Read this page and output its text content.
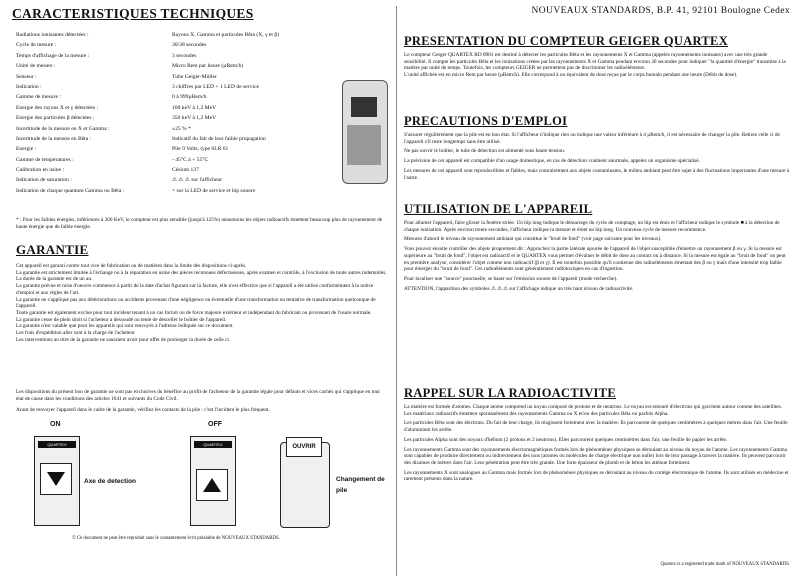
CARACTERISTIQUES TECHNIQUES
Radiations ionisantes détectées :	Rayons X, Gamma et particules Bêta (X, γ et β)
Cycle de mesure :	30/38 secondes
Temps d'affichage de la mesure :	3 secondes
Unité de mesure :	Micro Rem par heure (µRem/h)
Senseur :	Tube Geiger-Müller
Indication :	3 chiffres par LED + 1 LED de service
Gamme de mesure :	0 à 999µRem/h
Energie des rayons X et γ détectées :	100 keV à 1,2 MeV
Energie des particules β détectées :	350 keV à 1,2 MeV
Incertitude de la mesure en X et Gamma :	±25 % *
Incertitude de la mesure en Bêta :	Indicatif du fait de leur faible propagation
Energie :	Pile 9 Volts, type 6LR 61
Gamme de températures :	- 45°C à + 55°C
Calibration en usine :	Césium 137
Indication de saturation :	⚠ ⚠ ⚠ sur l'afficheur
Indication de chaque quantum Gamma ou Bêta :	= sur la LED de service et bip sonore

* : Pour les faibles énergies, inférieures à 300 KeV, le compteur est plus sensible (jusqu'à 125%) néanmoins les objets radioactifs émettent beaucoup plus de rayonnement de haute énergie que de faible énergie.

GARANTIE

Cet appareil est garanti contre tout vice de fabrication ou de matières dans la limite des dispositions ci-après.

La garantie est strictement limitée à l'échange ou à la réparation en usine des pièces reconnues défectueuses, après examen et contrôle, à l'exclusion de toute autres indemnités.

La durée de la garantie est de un an.

La garantie prévue et mise d'oeuvre commence à partir de la date d'achat figurant sur la facture, elle n'est effective que si l'appareil a été utilisé conformément à la notice d'emploi et aux règles de l'art.

La garantie ne s'applique pas aux détériorations ou accidents provenant d'une négligence ou éventuelle d'une transformation ou tentative de transformation quelconque de l'appareil.

Toute garantie est également exclue pour tout incident tenant à un cas fortuit ou de force majeure extérieur et indépendant du fabricant ou provenant de l'usure normale.

La garantie cesse de plein droit si l'acheteur a dessoudé ou tenté de desceller le boîtier de l'appareil.

La garantie n'est valable que pour les appareils qui sont renvoyés à l'adresse indiquée sur ce document.

Les frais d'expédition aller sont à la charge de l'acheteur

Les interventions au titre de la garantie ne sauraient avoir pour effet de prolonger la durée de celle ci.

Les dispositions du présent bon de garantie ne sont pas exclusives du bénéfice au profit de l'acheteur de la garantie légale pour défauts et vices cachés qui s'applique en tout état de cause dans les conditions des articles 1641 et suivants du Code Civil.

Avant de renvoyer l'appareil dans le cadre de la garantie, vérifiez les contacts de la pile : c'est l'incident le plus fréquent.

ON	OFF
QUARTEX
Axe de detection
QUARTEX	OUVRIR
Changement de pile

© Ce document ne peut être reproduit sans le consentement écrit préalable de NOUVEAUX STANDARDS.

NOUVEAUX STANDARDS, B.P. 41, 92101 Boulogne Cedex
PRESENTATION DU COMPTEUR GEIGER QUARTEX

Le compteur Geiger QUARTEX RD 8901 est destiné à détecter les particules Bêta et les rayonnements X et Gamma (appelés rayonnements ionisants) avec une très grande sensibilité. Il compte les particules Bêta et les ionisations créées par les rayonnements X et Gamma pendant environ 30 secondes pour indiquer "la quantité d'énergie" transmise à la matière par unité de temps. Toutefois, les compteurs GEIGER ne permettent pas de discriminer les radioéléments.

L'unité affichée est en micro Rem par heure (µRem/h). Elle correspond à un équivalent de dose reçue par le corps humain pendant une heure (Débit de dose).

PRECAUTIONS D'EMPLOI

S'assurer régulièrement que la pile est en bon état. Si l'afficheur n'indique rien ou indique une valeur inférieure à 4 µRem/h, il est nécessaire de changer la pile. Retirez celle ci de l'appareil s'il reste longtemps sans être utilisé.

Ne pas ouvrir le boîtier, le tube de détection est alimenté sous haute tension.

La précision de cet appareil est compatible d'un usage domestique, en cas de détection vraiment anormale, appelez un organisme spécialisé.

Les mesures de cet appareil sont reproductibles et fiables, mais contrairement aux objets contaminants, le milieu ambiant peut être sujet à des fluctuations importantes d'une mesure à l'autre.

UTILISATION DE L'APPAREIL

Pour allumer l'appareil, faire glisser la fenêtre striée. Un bip long indique le démarrage du cycle de comptage, un bip est émis et l'afficheur indique le symbole ■ à la détection de chaque ionisation. Après environ trente secondes, l'afficheur indique la mesure et émet un bip long. Un nouveau cycle de mesure recommence.

Mesurez d'abord le niveau de rayonnement ambiant qui constitue le "bruit de fond" (voir page suivante pour les niveaux).

Vous pouvez ensuite contrôler des objets proprement dit : Approchez la partie latérale ajourée de l'appareil de l'objet susceptible d'émettre un rayonnement β ou γ. Si la mesure est supérieure au "bruit de fond", l'objet est radioactif et le QUARTEX vous permet d'évaluer le débit de dose au contact ou à distance. Si la mesure est égale au "bruit de fond" on peut en première analyse, considérer l'objet comme non radioactif (β et γ). Il est toutefois possible qu'il contienne des radioéléments émettant des β ou γ mais d'une intensité trop faible pour émerger du "bruit de fond". Ces radioéléments sont généralement radiotoxiques en cas d'ingestion.

Pour localiser une "source" ponctuelle, se baser sur l'émission sonore de l'appareil (mode recherche).

ATTENTION, l'apparition des symboles ⚠ ⚠ ⚠ sur l'affichage indique un très haut niveau de radioactivité.

RAPPEL SUR LA RADIOACTIVITE

La matière est formée d'atomes. Chaque atome comprend un noyau composé de protons et de neutrons. Le noyau est entouré d'électrons qui gravitent autour comme des satellites. Les matériaux radioactifs émettent spontanément des rayonnements Gamma ou X et/ou des particules Bêta ou parfois Alpha.

Les particules Bêta sont des électrons. Du fait de leur charge, ils réagissent fortement avec la matière. Ils parcourent de quelques centimètres à quelques mètres dans l'air. Une feuille d'aluminium les arrête.

Les particules Alpha sont des noyaux d'hélium (2 protons et 2 neutrons). Elles parcourent quelques centimètres dans l'air, une feuille de papier les arrête.

Les rayonnements Gamma sont des rayonnements électromagnétiques formés lors de phénomènes physiques se déroulant au niveau du noyau de l'atome. Les rayonnements Gamma sont capables de produire directement ou indirectement des ions (atomes ou molécules de charge électrique non nulle) lors de leur passage à travers la matière. Ils peuvent parcourir des dizaines de mètres dans l'air. Leur pénétration peut être très grande. Une forte épaisseur de plomb et de béton les atténue fortement.

Les rayonnements X sont analogues au Gamma mais formés lors de phénomènes physiques se déroulant au niveau du cortège électronique de l'atome. Ils sont utilisés en médecine et rarement présents dans la nature.

Quartex is a registered trade mark of NOUVEAUX STANDARDS.
